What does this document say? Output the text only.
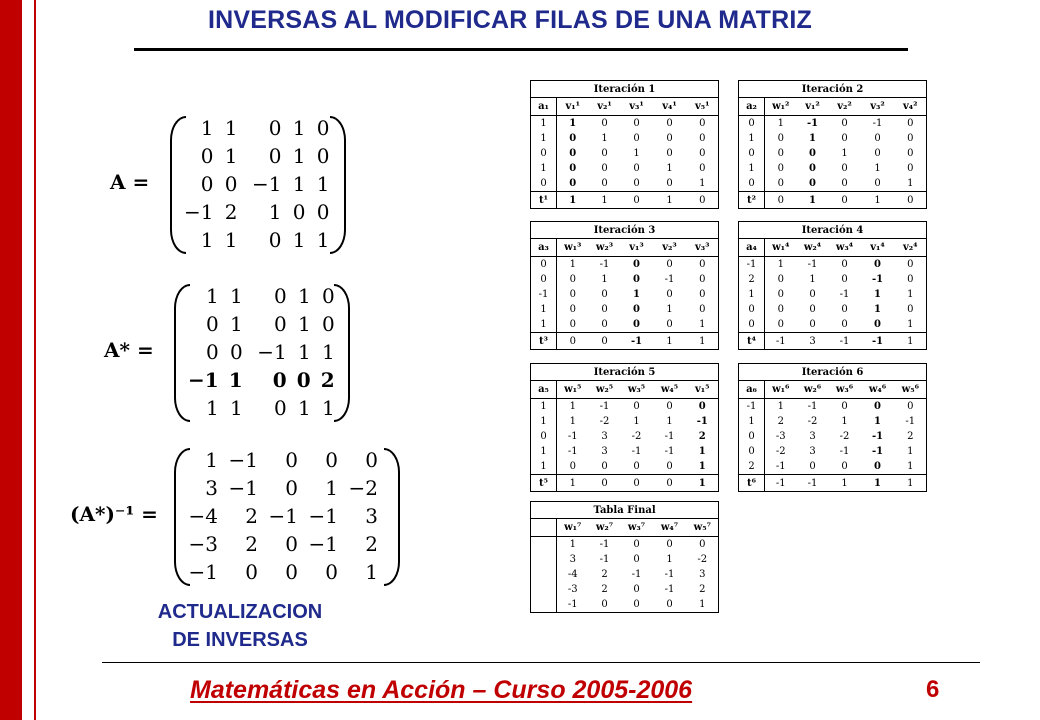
INVERSAS AL MODIFICAR FILAS DE UNA MATRIZ
A =
1	1	0	1	0
0	1	0	1	0
0	0	−1	1	1
−1	2	1	0	0
1	1	0	1	1
A* =
1	1	0	1	0
0	1	0	1	0
0	0	−1	1	1
−1	1	0	0	2
1	1	0	1	1
(A*)⁻¹ =
1	−1	0	0	0
3	−1	0	1	−2
−4	2	−1	−1	3
−3	2	0	−1	2
−1	0	0	0	1
ACTUALIZACION
DE INVERSAS
Iteración 1					
a₁	v₁¹	v₂¹	v₃¹	v₄¹	v₅¹
1	1	0	0	0	0
1	0	1	0	0	0
0	0	0	1	0	0
1	0	0	0	1	0
0	0	0	0	0	1
t¹	1	1	0	1	0
Iteración 2					
a₂	w₁²	v₁²	v₂²	v₃²	v₄²
0	1	-1	0	-1	0
1	0	1	0	0	0
0	0	0	1	0	0
1	0	0	0	1	0
0	0	0	0	0	1
t²	0	1	0	1	0
Iteración 3					
a₃	w₁³	w₂³	v₁³	v₂³	v₃³
0	1	-1	0	0	0
0	0	1	0	-1	0
-1	0	0	1	0	0
1	0	0	0	1	0
1	0	0	0	0	1
t³	0	0	-1	1	1
Iteración 4					
a₄	w₁⁴	w₂⁴	w₃⁴	v₁⁴	v₂⁴
-1	1	-1	0	0	0
2	0	1	0	-1	0
1	0	0	-1	1	1
0	0	0	0	1	0
0	0	0	0	0	1
t⁴	-1	3	-1	-1	1
Iteración 5					
a₅	w₁⁵	w₂⁵	w₃⁵	w₄⁵	v₁⁵
1	1	-1	0	0	0
1	1	-2	1	1	-1
0	-1	3	-2	-1	2
1	-1	3	-1	-1	1
1	0	0	0	0	1
t⁵	1	0	0	0	1
Iteración 6					
a₆	w₁⁶	w₂⁶	w₃⁶	w₄⁶	w₅⁶
-1	1	-1	0	0	0
1	2	-2	1	1	-1
0	-3	3	-2	-1	2
0	-2	3	-1	-1	1
2	-1	0	0	0	1
t⁶	-1	-1	1	1	1
Tabla Final					
	w₁⁷	w₂⁷	w₃⁷	w₄⁷	w₅⁷
	1	-1	0	0	0
	3	-1	0	1	-2
	-4	2	-1	-1	3
	-3	2	0	-1	2
	-1	0	0	0	1
Matemáticas en Acción – Curso 2005-2006	6
